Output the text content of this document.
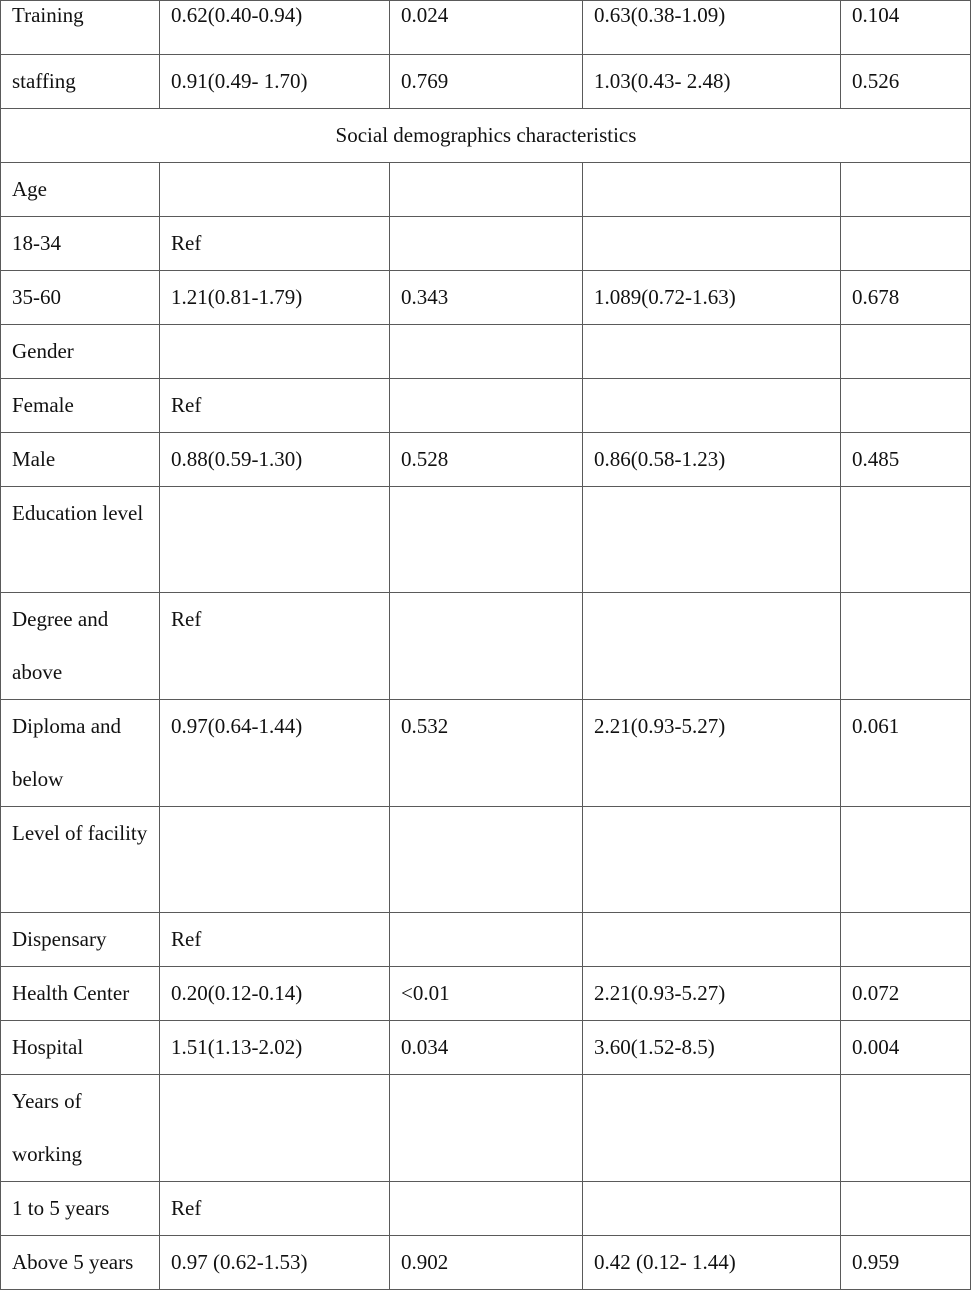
Training	0.62(0.40-0.94)	0.024	0.63(0.38-1.09)	0.104
staffing	0.91(0.49- 1.70)	0.769	1.03(0.43- 2.48)	0.526
Social demographics characteristics				
Age				
18-34	Ref			
35-60	1.21(0.81-1.79)	0.343	1.089(0.72-1.63)	0.678
Gender				
Female	Ref			
Male	0.88(0.59-1.30)	0.528	0.86(0.58-1.23)	0.485
Education level				
Degree and above	Ref			
Diploma and below	0.97(0.64-1.44)	0.532	2.21(0.93-5.27)	0.061
Level of facility				
Dispensary	Ref			
Health Center	0.20(0.12-0.14)	<0.01	2.21(0.93-5.27)	0.072
Hospital	1.51(1.13-2.02)	0.034	3.60(1.52-8.5)	0.004
Years of working				
1 to 5 years	Ref			
Above 5 years	0.97 (0.62-1.53)	0.902	0.42 (0.12- 1.44)	0.959
